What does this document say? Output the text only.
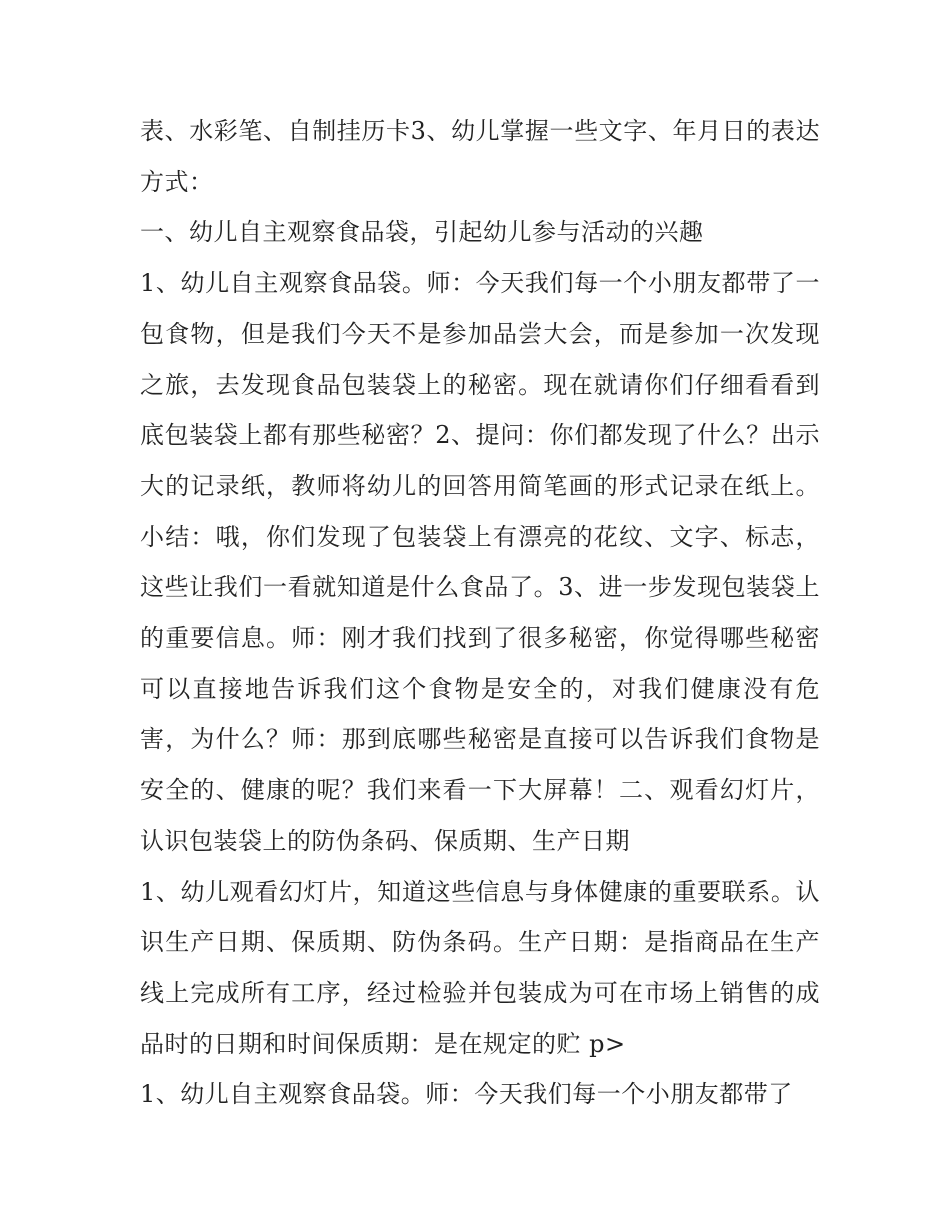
表、水彩笔、自制挂历卡3、幼儿掌握一些文字、年月日的表达方式：

一、幼儿自主观察食品袋，引起幼儿参与活动的兴趣

1、幼儿自主观察食品袋。师：今天我们每一个小朋友都带了一包食物，但是我们今天不是参加品尝大会，而是参加一次发现之旅，去发现食品包装袋上的秘密。现在就请你们仔细看看到底包装袋上都有那些秘密？2、提问：你们都发现了什么？出示大的记录纸，教师将幼儿的回答用简笔画的形式记录在纸上。小结：哦，你们发现了包装袋上有漂亮的花纹、文字、标志，这些让我们一看就知道是什么食品了。3、进一步发现包装袋上的重要信息。师：刚才我们找到了很多秘密，你觉得哪些秘密可以直接地告诉我们这个食物是安全的，对我们健康没有危害，为什么？师：那到底哪些秘密是直接可以告诉我们食物是安全的、健康的呢？我们来看一下大屏幕！二、观看幻灯片，认识包装袋上的防伪条码、保质期、生产日期

1、幼儿观看幻灯片，知道这些信息与身体健康的重要联系。认识生产日期、保质期、防伪条码。生产日期：是指商品在生产线上完成所有工序，经过检验并包装成为可在市场上销售的成品时的日期和时间保质期：是在规定的贮 p>

1、幼儿自主观察食品袋。师：今天我们每一个小朋友都带了
